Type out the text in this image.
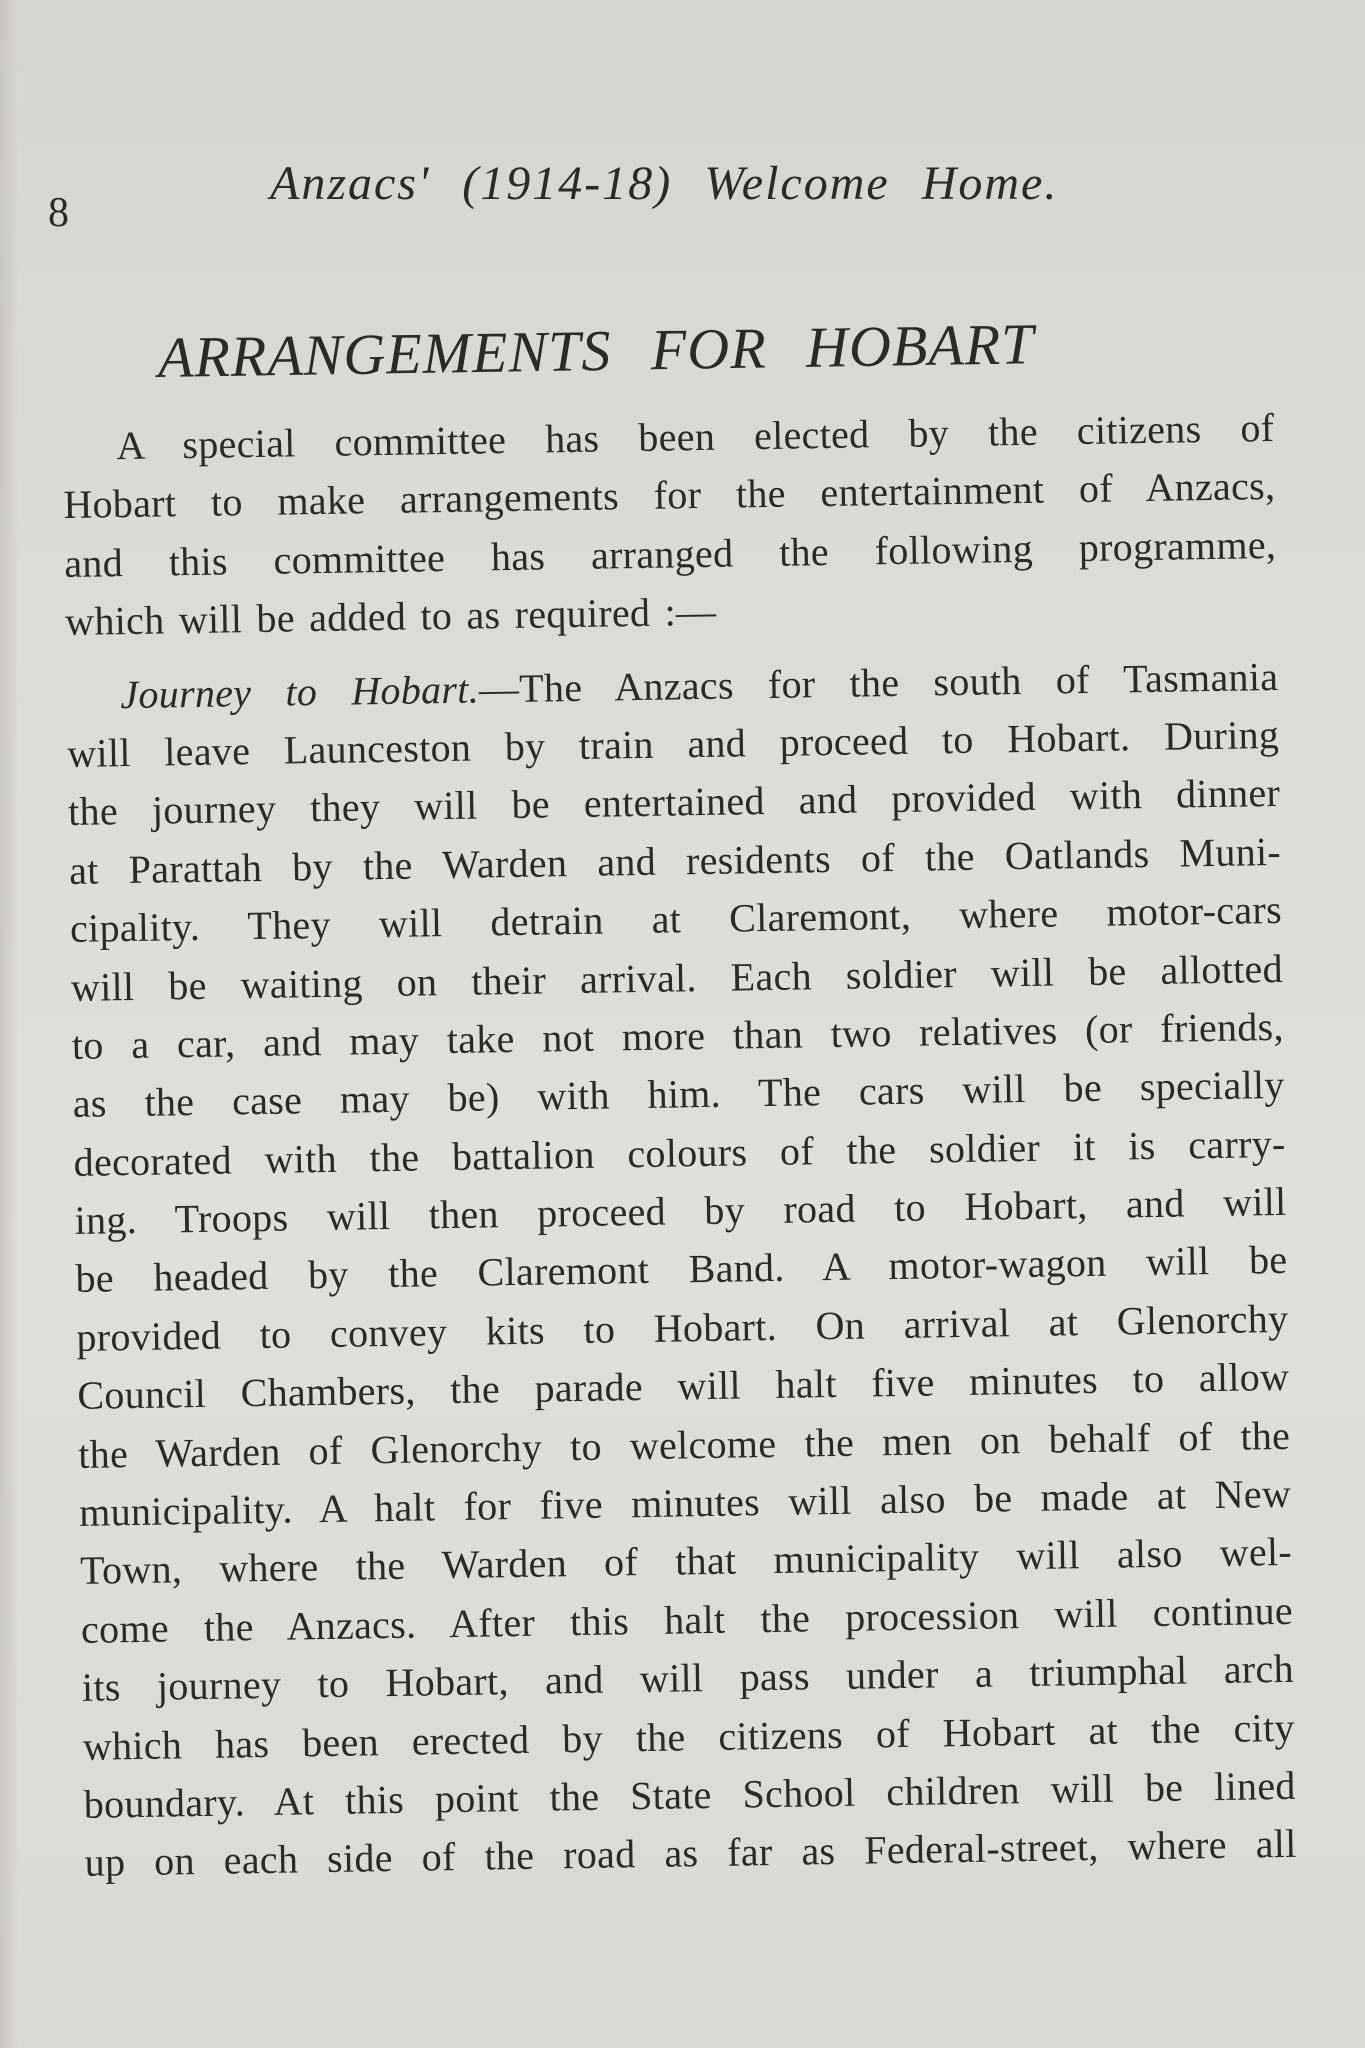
8
Anzacs' (1914-18) Welcome Home.
ARRANGEMENTS FOR HOBART
A special committee has been elected by the citizens of
Hobart to make arrangements for the entertainment of Anzacs,
and this committee has arranged the following programme,
which will be added to as required :—
Journey to Hobart.—The Anzacs for the south of Tasmania
will leave Launceston by train and proceed to Hobart. During
the journey they will be entertained and provided with dinner
at Parattah by the Warden and residents of the Oatlands Muni-
cipality. They will detrain at Claremont, where motor-cars
will be waiting on their arrival. Each soldier will be allotted
to a car, and may take not more than two relatives (or friends,
as the case may be) with him. The cars will be specially
decorated with the battalion colours of the soldier it is carry-
ing. Troops will then proceed by road to Hobart, and will
be headed by the Claremont Band. A motor-wagon will be
provided to convey kits to Hobart. On arrival at Glenorchy
Council Chambers, the parade will halt five minutes to allow
the Warden of Glenorchy to welcome the men on behalf of the
municipality. A halt for five minutes will also be made at New
Town, where the Warden of that municipality will also wel-
come the Anzacs. After this halt the procession will continue
its journey to Hobart, and will pass under a triumphal arch
which has been erected by the citizens of Hobart at the city
boundary. At this point the State School children will be lined
up on each side of the road as far as Federal-street, where all
